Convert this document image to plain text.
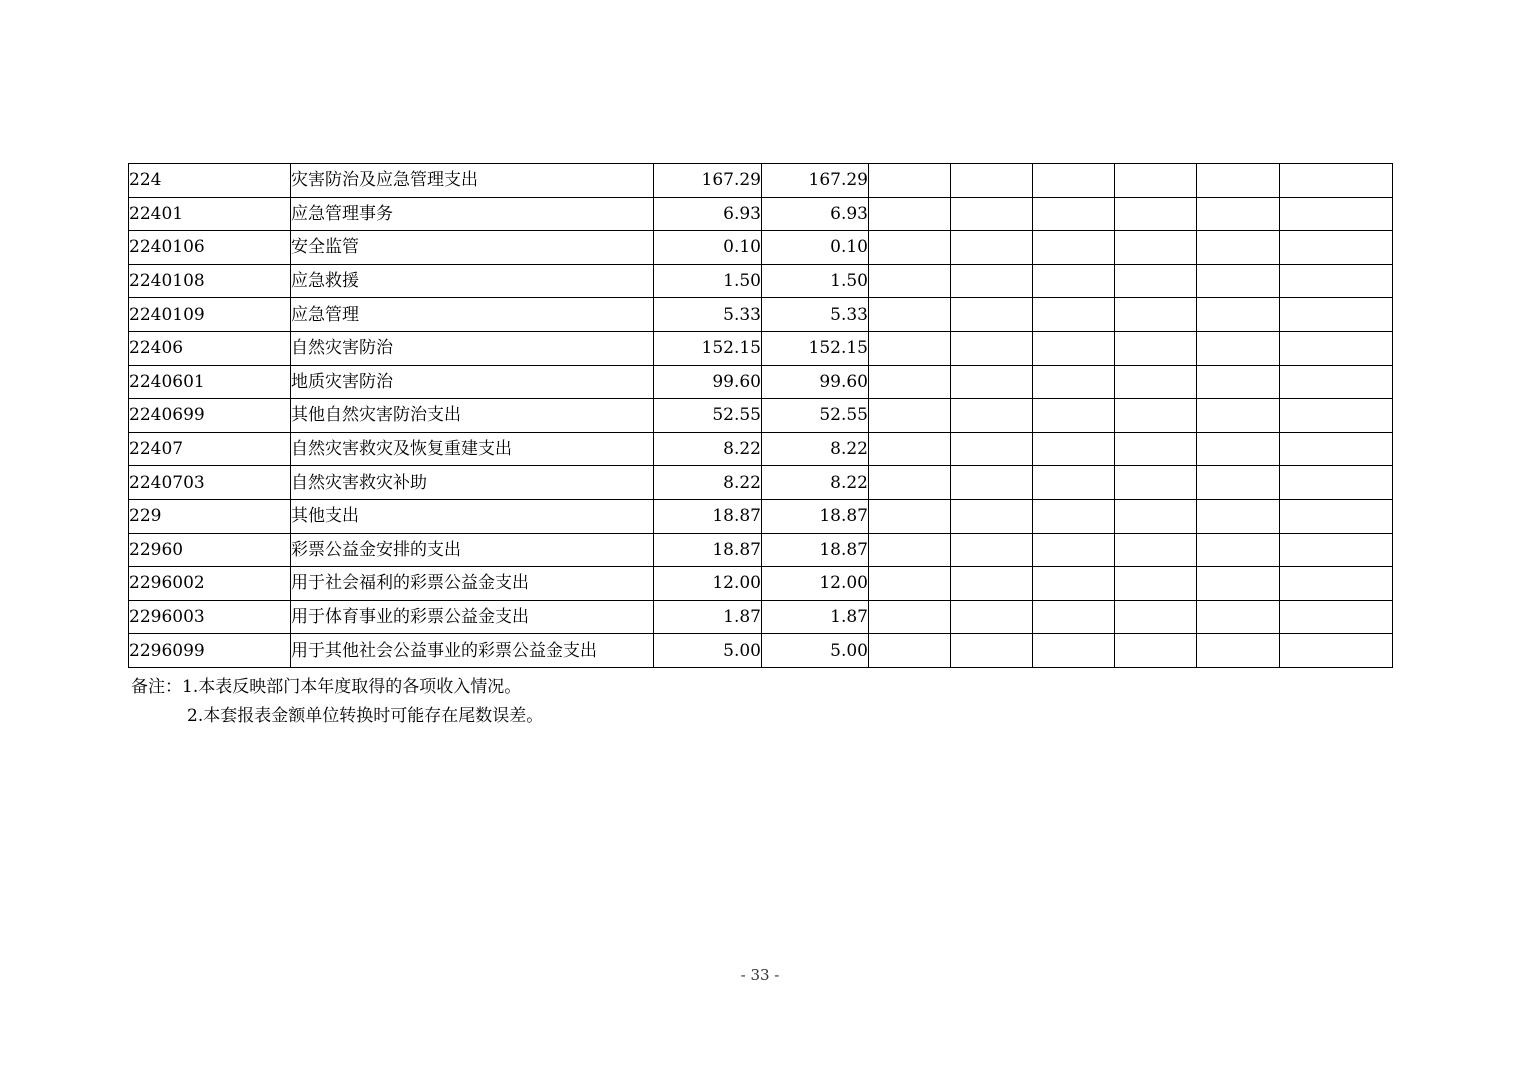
224	灾害防治及应急管理支出	167.29	167.29						
22401	应急管理事务	6.93	6.93						
2240106	安全监管	0.10	0.10						
2240108	应急救援	1.50	1.50						
2240109	应急管理	5.33	5.33						
22406	自然灾害防治	152.15	152.15						
2240601	地质灾害防治	99.60	99.60						
2240699	其他自然灾害防治支出	52.55	52.55						
22407	自然灾害救灾及恢复重建支出	8.22	8.22						
2240703	自然灾害救灾补助	8.22	8.22						
229	其他支出	18.87	18.87						
22960	彩票公益金安排的支出	18.87	18.87						
2296002	用于社会福利的彩票公益金支出	12.00	12.00						
2296003	用于体育事业的彩票公益金支出	1.87	1.87						
2296099	用于其他社会公益事业的彩票公益金支出	5.00	5.00						
备注：1.本表反映部门本年度取得的各项收入情况。
2.本套报表金额单位转换时可能存在尾数误差。
- 33 -
